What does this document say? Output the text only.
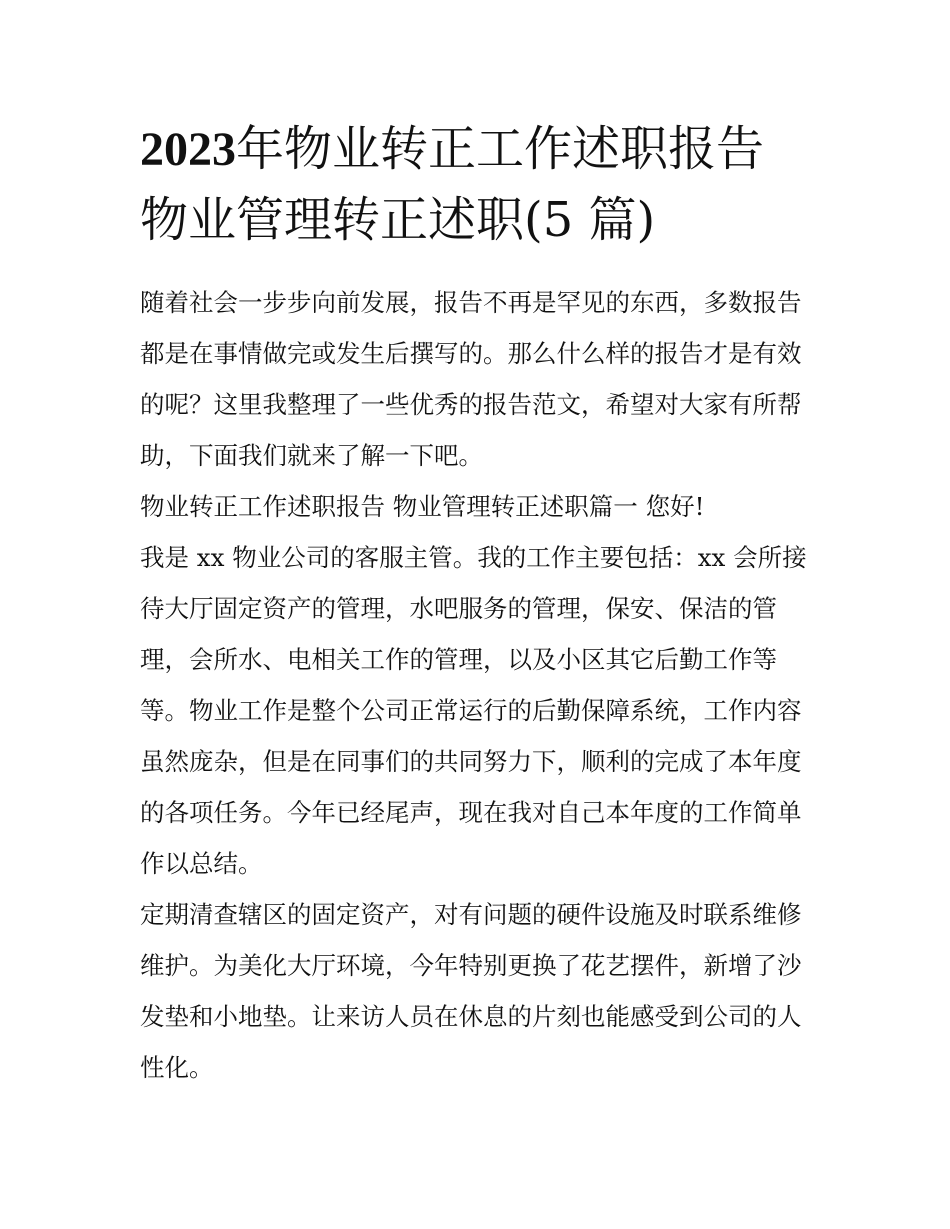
2023年物业转正工作述职报告
物业管理转正述职(5 篇)

随着社会一步步向前发展，报告不再是罕见的东西，多数报告
都是在事情做完或发生后撰写的。那么什么样的报告才是有效
的呢？这里我整理了一些优秀的报告范文，希望对大家有所帮
助，下面我们就来了解一下吧。

物业转正工作述职报告 物业管理转正述职篇一 您好!

我是 xx 物业公司的客服主管。我的工作主要包括：xx 会所接
待大厅固定资产的管理，水吧服务的管理，保安、保洁的管
理，会所水、电相关工作的管理，以及小区其它后勤工作等
等。物业工作是整个公司正常运行的后勤保障系统，工作内容
虽然庞杂，但是在同事们的共同努力下，顺利的完成了本年度
的各项任务。今年已经尾声，现在我对自己本年度的工作简单
作以总结。

定期清查辖区的固定资产，对有问题的硬件设施及时联系维修
维护。为美化大厅环境，今年特别更换了花艺摆件，新增了沙
发垫和小地垫。让来访人员在休息的片刻也能感受到公司的人
性化。
